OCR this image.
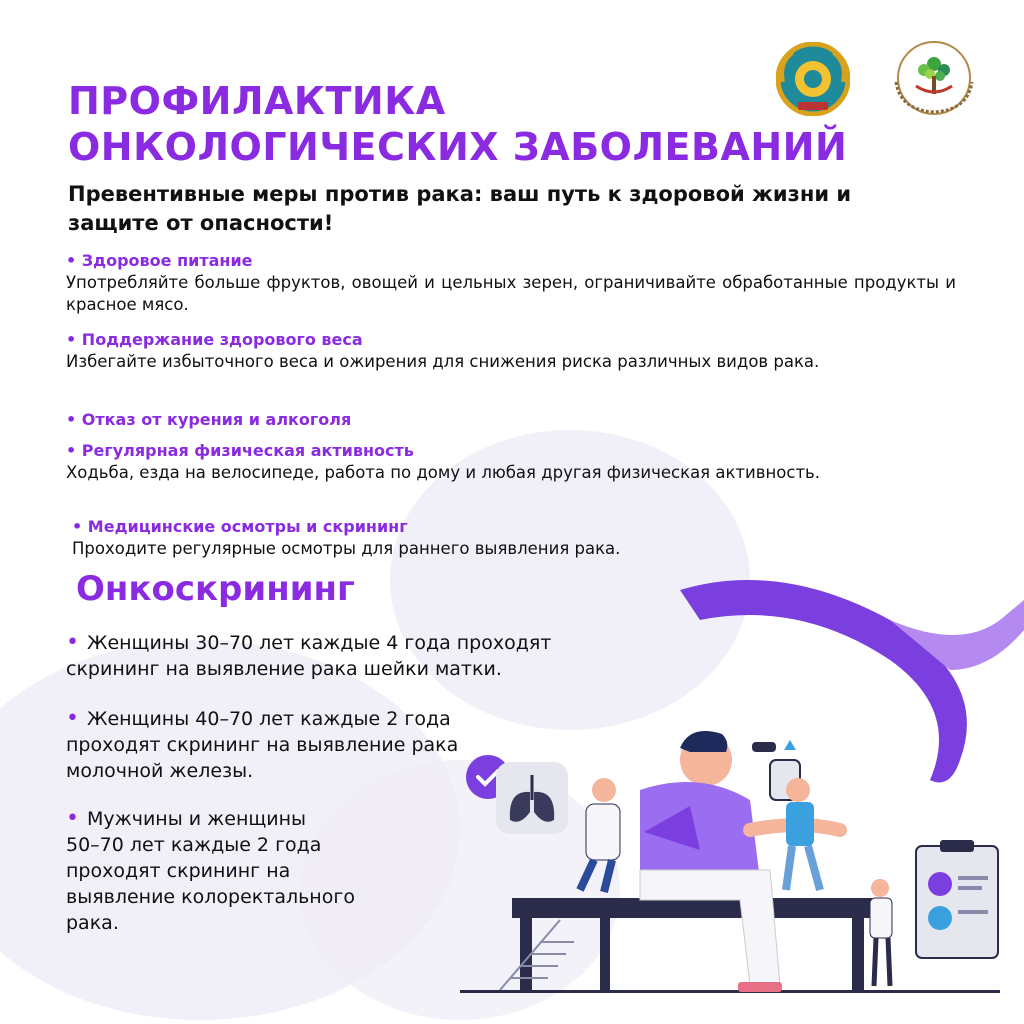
ПРОФИЛАКТИКА
ОНКОЛОГИЧЕСКИХ ЗАБОЛЕВАНИЙ
Превентивные меры против рака: ваш путь к здоровой жизни и защите от опасности!
• Здоровое питание
Употребляйте больше фруктов, овощей и цельных зерен, ограничивайте обработанные продукты и красное мясо.
• Поддержание здорового веса
Избегайте избыточного веса и ожирения для снижения риска различных видов рака.
• Отказ от курения и алкоголя
• Регулярная физическая активность
Ходьба, езда на велосипеде, работа по дому и любая другая физическая активность.
• Медицинские осмотры и скрининг
Проходите регулярные осмотры для раннего выявления рака.
Онкоскрининг
• Женщины 30–70 лет каждые 4 года проходят
скрининг на выявление рака шейки матки.
• Женщины 40–70 лет каждые 2 года
проходят скрининг на выявление рака
молочной железы.
• Мужчины и женщины
50–70 лет каждые 2 года
проходят скрининг на
выявление колоректального
рака.
